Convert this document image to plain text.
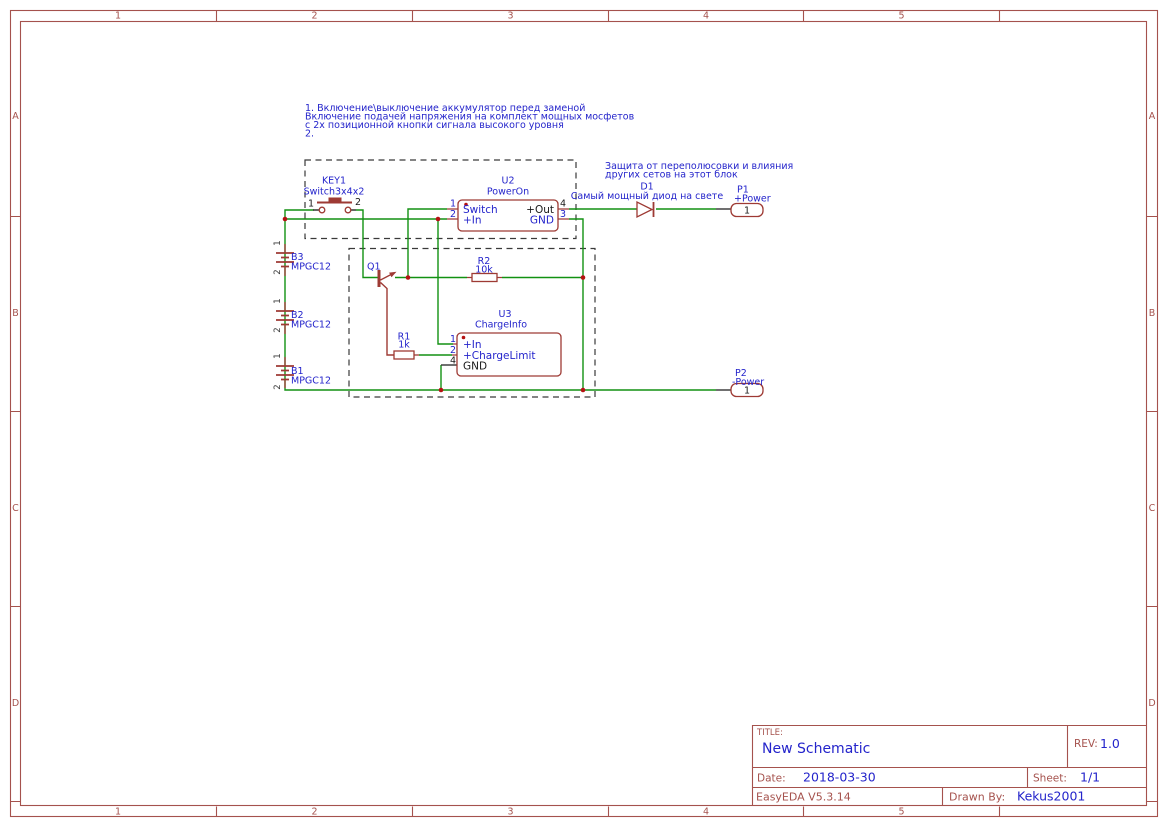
1	2	3	4	5
1	2	3	4	5
A
B
C
D
A
B
C
D
1. Включение\выключение аккумулятор перед заменой
Включение подачей напряжения на комплект мощных мосфетов
с 2х позиционной кнопки сигнала высокого уровня
2.
Защита от переполюсовки и влияния
других сетов на этот блок
1	2
KEY1
Switch3x4x2
1
2
4
3
Switch
+In
+Out
GND
U2
PowerOn	D1
Самый мощный диод на свете
1
P1
+Power
1
P2
-Power
Q1
R1
1k
R2
10k
1
2
4
+In
+ChargeLimit
GND
U3
ChargeInfo
1
2
B3
MPGC12
1
2
B2
MPGC12
1
2
B1
MPGC12
TITLE:
New Schematic	REV: 1.0
Date: 2018-03-30	Sheet: 1/1
EasyEDA V5.3.14	Drawn By: Kekus2001
